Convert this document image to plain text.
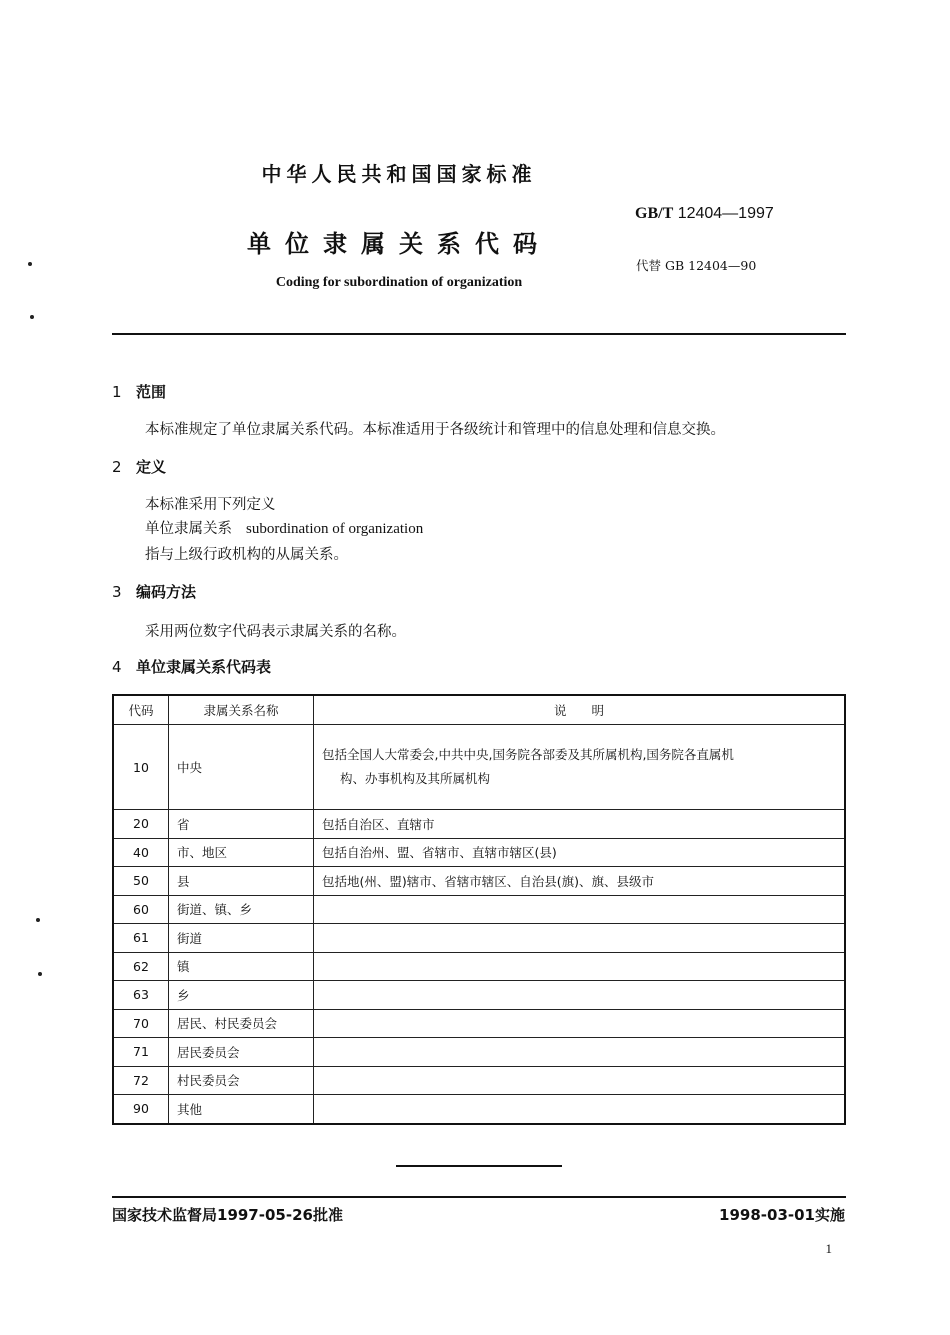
中华人民共和国国家标准
单位隶属关系代码
Coding for subordination of organization
GB/T 12404—1997
代替 GB 12404—90
1 范围
本标准规定了单位隶属关系代码。本标准适用于各级统计和管理中的信息处理和信息交换。
2 定义
本标准采用下列定义
单位隶属关系 subordination of organization
指与上级行政机构的从属关系。
3 编码方法
采用两位数字代码表示隶属关系的名称。
4 单位隶属关系代码表
代码	隶属关系名称	说　　明
10	中央	包括全国人大常委会,中共中央,国务院各部委及其所属机构,国务院各直属机
构、办事机构及其所属机构

20	省	包括自治区、直辖市
40	市、地区	包括自治州、盟、省辖市、直辖市辖区(县)
50	县	包括地(州、盟)辖市、省辖市辖区、自治县(旗)、旗、县级市
60	街道、镇、乡	
61	街道	
62	镇	
63	乡	
70	居民、村民委员会	
71	居民委员会	
72	村民委员会	
90	其他	
国家技术监督局1997-05-26批准	1998-03-01实施
1
